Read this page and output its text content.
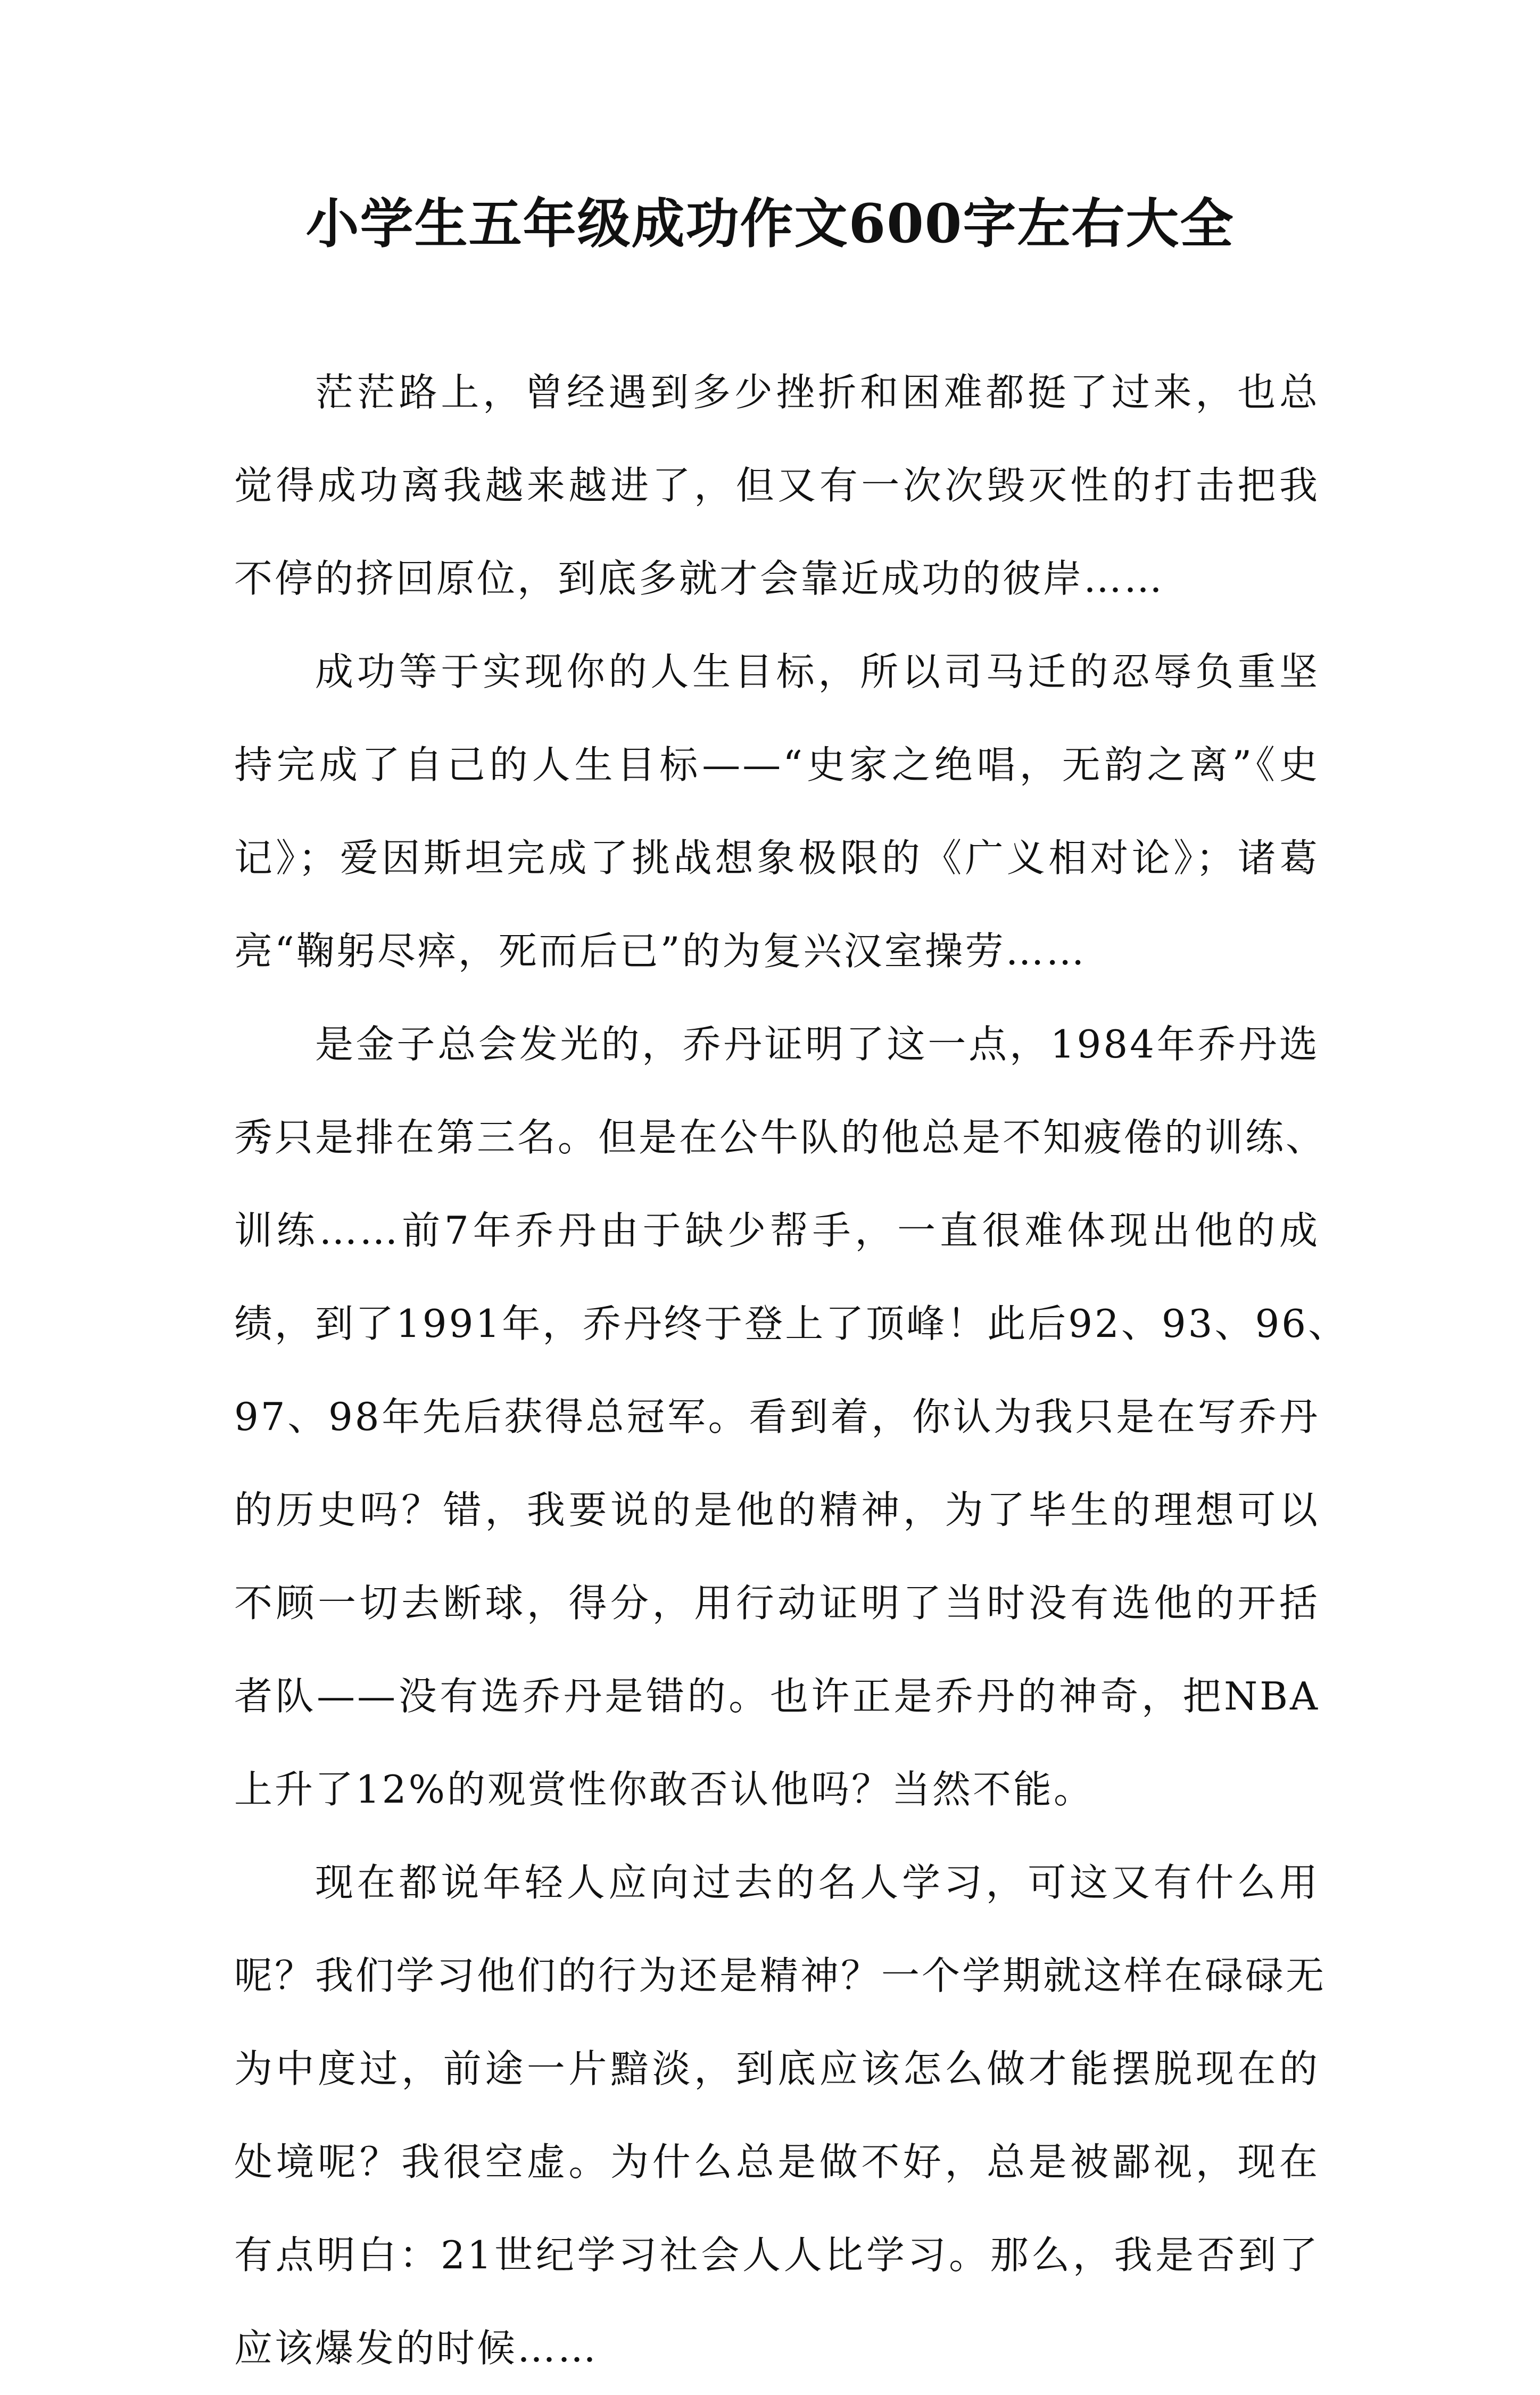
小学生五年级成功作文600字左右大全
茫茫路上，曾经遇到多少挫折和困难都挺了过来，也总
觉得成功离我越来越进了，但又有一次次毁灭性的打击把我
不停的挤回原位，到底多就才会靠近成功的彼岸……
成功等于实现你的人生目标，所以司马迁的忍辱负重坚
持完成了自己的人生目标——“史家之绝唱，无韵之离”《史
记》；爱因斯坦完成了挑战想象极限的《广义相对论》；诸葛
亮“鞠躬尽瘁，死而后已”的为复兴汉室操劳……
是金子总会发光的，乔丹证明了这一点，1984年乔丹选
秀只是排在第三名。但是在公牛队的他总是不知疲倦的训练、
训练……前7年乔丹由于缺少帮手，一直很难体现出他的成
绩，到了1991年，乔丹终于登上了顶峰！此后92、93、96、
97、98年先后获得总冠军。看到着，你认为我只是在写乔丹
的历史吗？错，我要说的是他的精神，为了毕生的理想可以
不顾一切去断球，得分，用行动证明了当时没有选他的开括
者队——没有选乔丹是错的。也许正是乔丹的神奇，把NBA
上升了12%的观赏性你敢否认他吗？当然不能。
现在都说年轻人应向过去的名人学习，可这又有什么用
呢？我们学习他们的行为还是精神？一个学期就这样在碌碌无
为中度过，前途一片黯淡，到底应该怎么做才能摆脱现在的
处境呢？我很空虚。为什么总是做不好，总是被鄙视，现在
有点明白：21世纪学习社会人人比学习。那么，我是否到了
应该爆发的时候……
